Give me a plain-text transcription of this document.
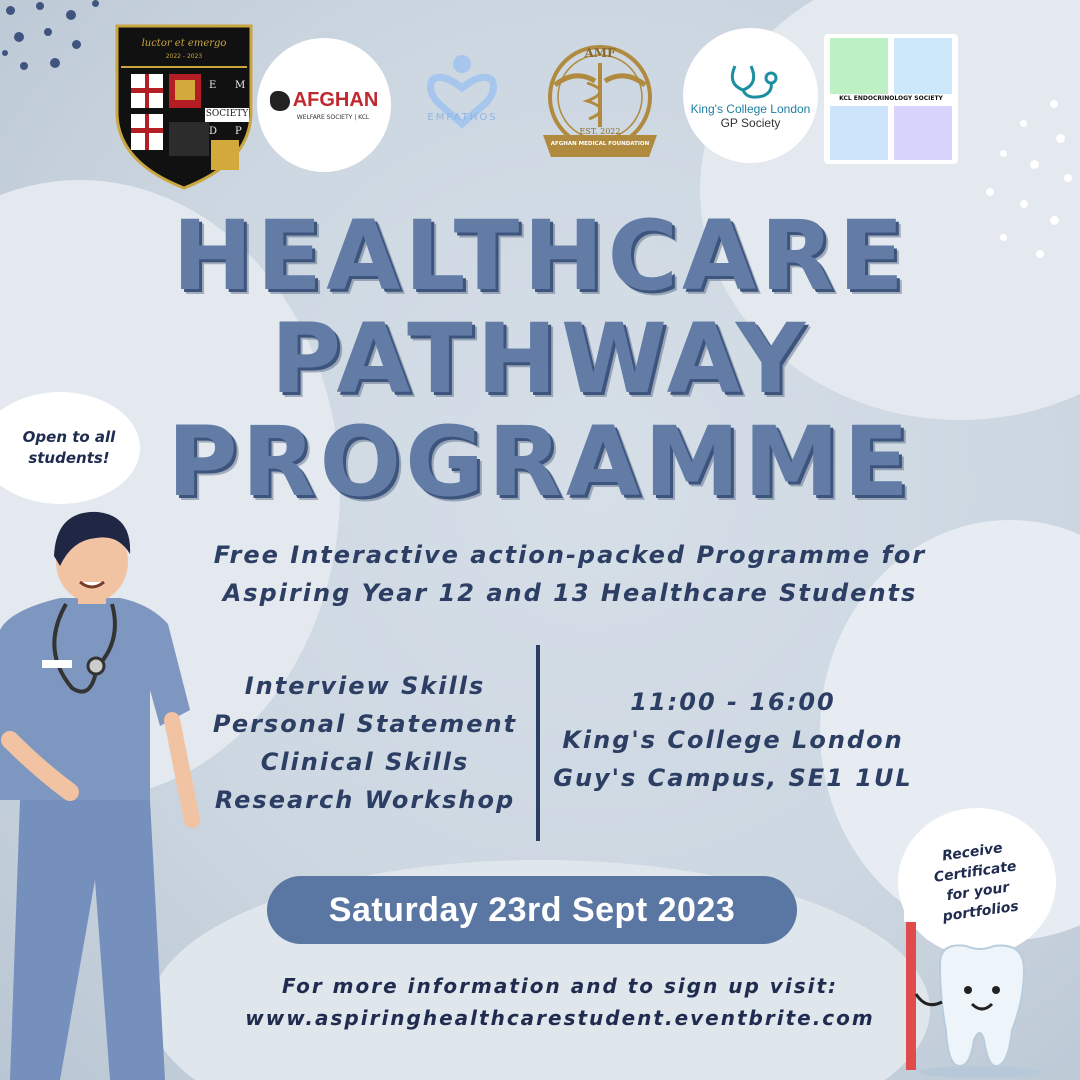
luctor et emergo
2022 - 2023
SOCIETY
E M
D P
AFGHAN
WELFARE SOCIETY | KCL	EMPATHOS
AMF
EST. 2022
AFGHAN MEDICAL FOUNDATION
King's College London
GP Society
KCL ENDOCRINOLOGY SOCIETY
HEALTHCARE
PATHWAY
PROGRAMME
Free Interactive action-packed Programme for
Aspiring Year 12 and 13 Healthcare Students
Interview Skills
Personal Statement
Clinical Skills
Research Workshop
11:00 - 16:00
King's College London
Guy's Campus, SE1 1UL
Saturday 23rd Sept 2023
For more information and to sign up visit:
www.aspiringhealthcarestudent.eventbrite.com
Open to all
students!
Receive
Certificate
for your
portfolios
